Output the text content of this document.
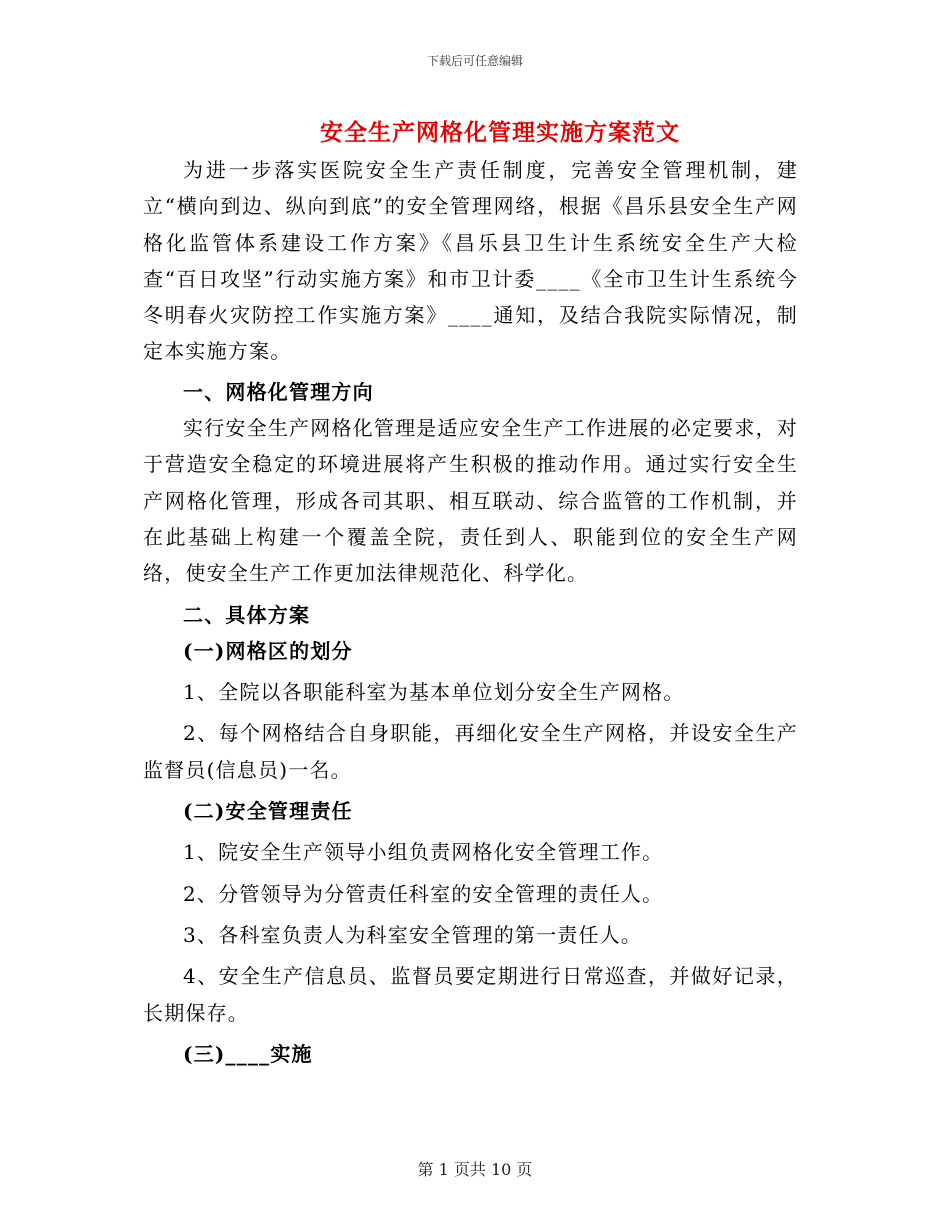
下载后可任意编辑
安全生产网格化管理实施方案范文

为进一步落实医院安全生产责任制度，完善安全管理机制，建立“横向到边、纵向到底”的安全管理网络，根据《昌乐县安全生产网格化监管体系建设工作方案》《昌乐县卫生计生系统安全生产大检查“百日攻坚”行动实施方案》和市卫计委____《全市卫生计生系统今冬明春火灾防控工作实施方案》____通知，及结合我院实际情况，制定本实施方案。

一、网格化管理方向

实行安全生产网格化管理是适应安全生产工作进展的必定要求，对于营造安全稳定的环境进展将产生积极的推动作用。通过实行安全生产网格化管理，形成各司其职、相互联动、综合监管的工作机制，并在此基础上构建一个覆盖全院，责任到人、职能到位的安全生产网络，使安全生产工作更加法律规范化、科学化。

二、具体方案
(一)网格区的划分

1、全院以各职能科室为基本单位划分安全生产网格。

2、每个网格结合自身职能，再细化安全生产网格，并设安全生产监督员(信息员)一名。

(二)安全管理责任

1、院安全生产领导小组负责网格化安全管理工作。

2、分管领导为分管责任科室的安全管理的责任人。

3、各科室负责人为科室安全管理的第一责任人。

4、安全生产信息员、监督员要定期进行日常巡查，并做好记录，长期保存。

(三)____实施
第 1 页共 10 页
